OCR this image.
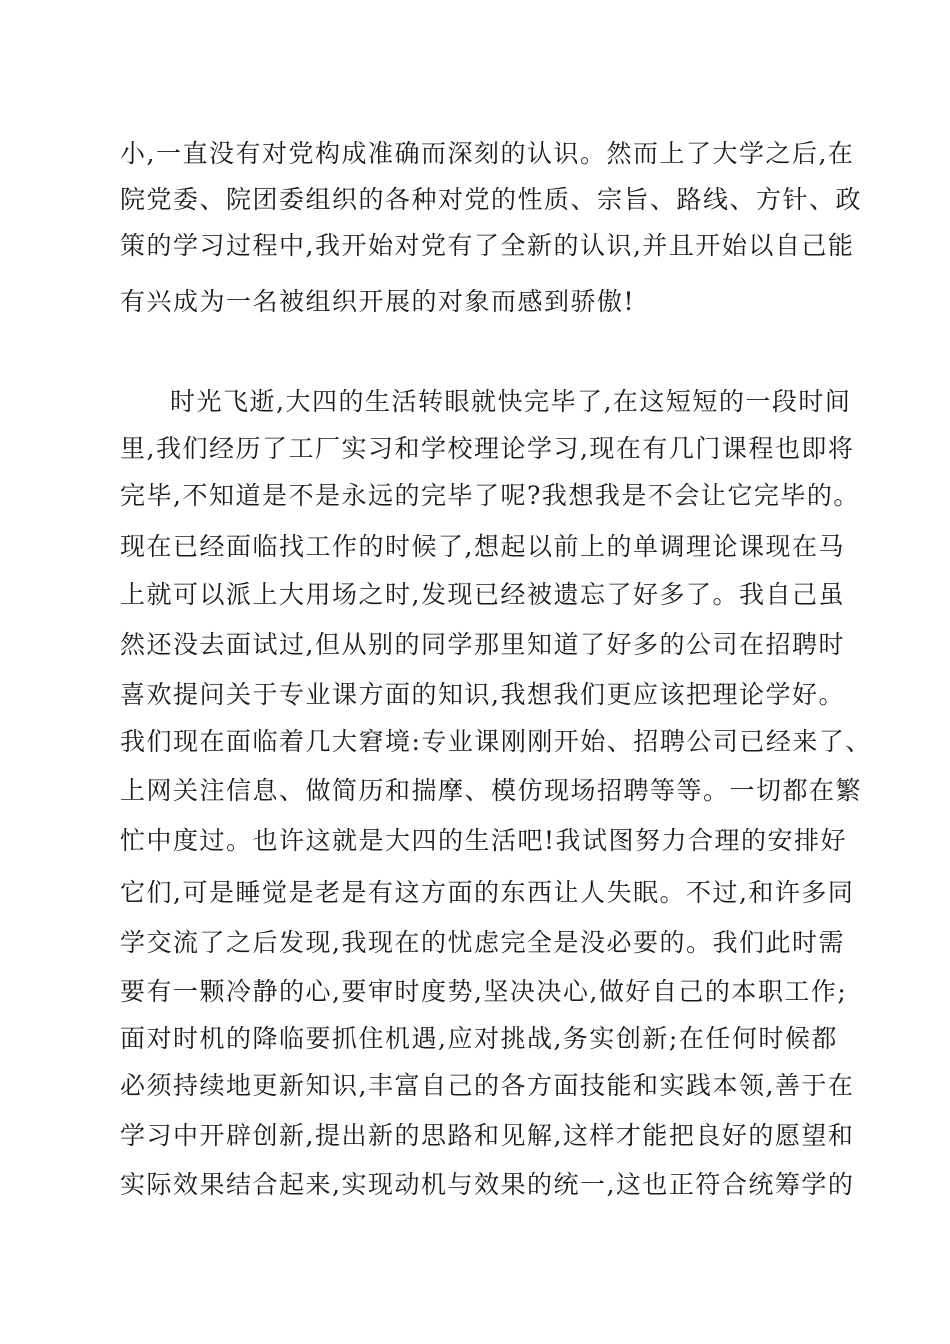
小,一直没有对党构成准确而深刻的认识。然而上了大学之后,在
院党委、院团委组织的各种对党的性质、宗旨、路线、方针、政
策的学习过程中,我开始对党有了全新的认识,并且开始以自己能
有兴成为一名被组织开展的对象而感到骄傲!
时光飞逝,大四的生活转眼就快完毕了,在这短短的一段时间
里,我们经历了工厂实习和学校理论学习,现在有几门课程也即将
完毕,不知道是不是永远的完毕了呢?我想我是不会让它完毕的。
现在已经面临找工作的时候了,想起以前上的单调理论课现在马
上就可以派上大用场之时,发现已经被遗忘了好多了。我自己虽
然还没去面试过,但从别的同学那里知道了好多的公司在招聘时
喜欢提问关于专业课方面的知识,我想我们更应该把理论学好。
我们现在面临着几大窘境:专业课刚刚开始、招聘公司已经来了、
上网关注信息、做简历和揣摩、模仿现场招聘等等。一切都在繁
忙中度过。也许这就是大四的生活吧!我试图努力合理的安排好
它们,可是睡觉是老是有这方面的东西让人失眠。不过,和许多同
学交流了之后发现,我现在的忧虑完全是没必要的。我们此时需
要有一颗冷静的心,要审时度势,坚决决心,做好自己的本职工作;
面对时机的降临要抓住机遇,应对挑战,务实创新;在任何时候都
必须持续地更新知识,丰富自己的各方面技能和实践本领,善于在
学习中开辟创新,提出新的思路和见解,这样才能把良好的愿望和
实际效果结合起来,实现动机与效果的统一,这也正符合统筹学的
